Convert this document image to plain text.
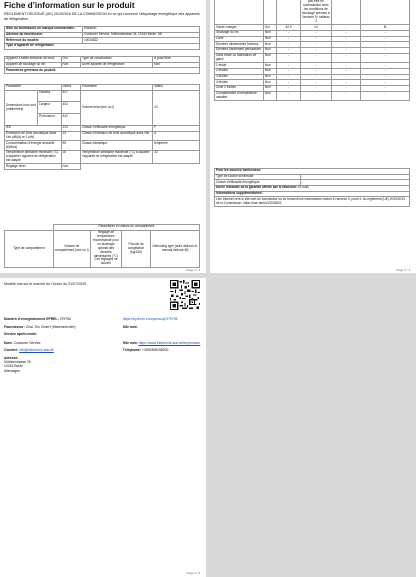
Fiche d’information sur le produit
RÈGLEMENT DÉLÉGUÉ (UE) 2019/2016 DE LA COMMISSION en ce qui concerne l’étiquetage énergétique des appareils de réfrigération
Nom du fournisseur ou marque commerciale:	Klarstein
Adresse du fournisseur:	Customer Service, Mühlenstrasse 25, 10243 Berlin, DE
Référence du modèle:	10033822
Type d’appareil de réfrigération:	
Appareil à faible émission de bruit:	Oui	Type de construction:	à pose libre
Appareil de stockage du vin:	Non	Autre appareil de réfrigération:	Non
Paramètres généraux du produit:			
Paramètre		Valeur	Paramètre	Valeur
Dimensions hors tout (millimètres)	Hauteur	547	Volume total (dm³ ou l)	42
	Largeur	402		
	Profondeur	442		
IEE		124	Classe d’efficacité énergétique	F
Émissions de bruit acoustique dans l’air (dB(A) re 1 pW)		23	Classe d’émission de bruit acoustique dans l’air	A
Consommation d’énergie annuelle (kWh/a)		95	Classe climatique:	tempérée
Température ambiante minimale (°C) à laquelle l’appareil de réfrigération est adapté		16	Température ambiante maximale (°C) à laquelle l’appareil de réfrigération est adapté	32
Réglage hiver		Non		
	Paramètres et valeurs du compartiment			
Type de compartiment	Volume de compartiment (dm³ ou l)	Réglage de température recommandé pour un stockage optimal des denrées alimentaires (°C) Ces réglages ne doivent	Pouvoir de congélation (kg/24h)	Defrosting type (auto-defrost=A, manual defrost=M)
Page 1 / 3
			pas être en contradiction avec les conditions de stockage prévues à l’annexe IV, tableau 3		
Garde-manger	Oui	42,0	14	-	M
Stockage du vin	Non	-	-	-	-
Cave	Non	-	-	-	-
Denrées alimentaires fraîches	Non	-	-	-	-
Denrées hautement périssables	Non	-	-	-	-
Sans étoile ou fabrication de glace	Non	-	-	-	-
1 étoile	Non	-	-	-	-
2 étoiles	Non	-	-	-	-
3 étoiles	Non	-	-	-	-
4 étoiles	Non	-	-	-	-
Zone 2 étoiles	Non	-	-	-	-
Compartiment à température variable	Non	-	-	-	-
Pour les sources lumineuses:	
Type de source lumineuse:	-
Classe d’efficacité énergétique	-
Durée minimale de la garantie offerte par le fabricant: 24 mois	
Informations supplémentaires:	
Lien internet vers le site web du fournisseur où se trouvent les informations visées à l’annexe II, point 4, du règlement (UE) 2019/2019 de la Commission: https://use.berlin/10033822	
Page 2 / 3
Modèle mis sur le marché de l’Union du 01/07/2025
Numéro d’enregistrement EPREL: 379755	https://eprel.ec.europa.eu/qr/379755
Fournisseur: Chal -Tec GmbH (Warenzeichen)	Site web:
Service après-vente:
Nom: Customer Service	Site web: https://www.elektronik-star.de/impressum
Courriel: info@electronic-star.de	Téléphone: +4930398198500
Adresse:
Mühlenstrasse 25
10243 Berlin
Allemagne
Page 3 / 3
